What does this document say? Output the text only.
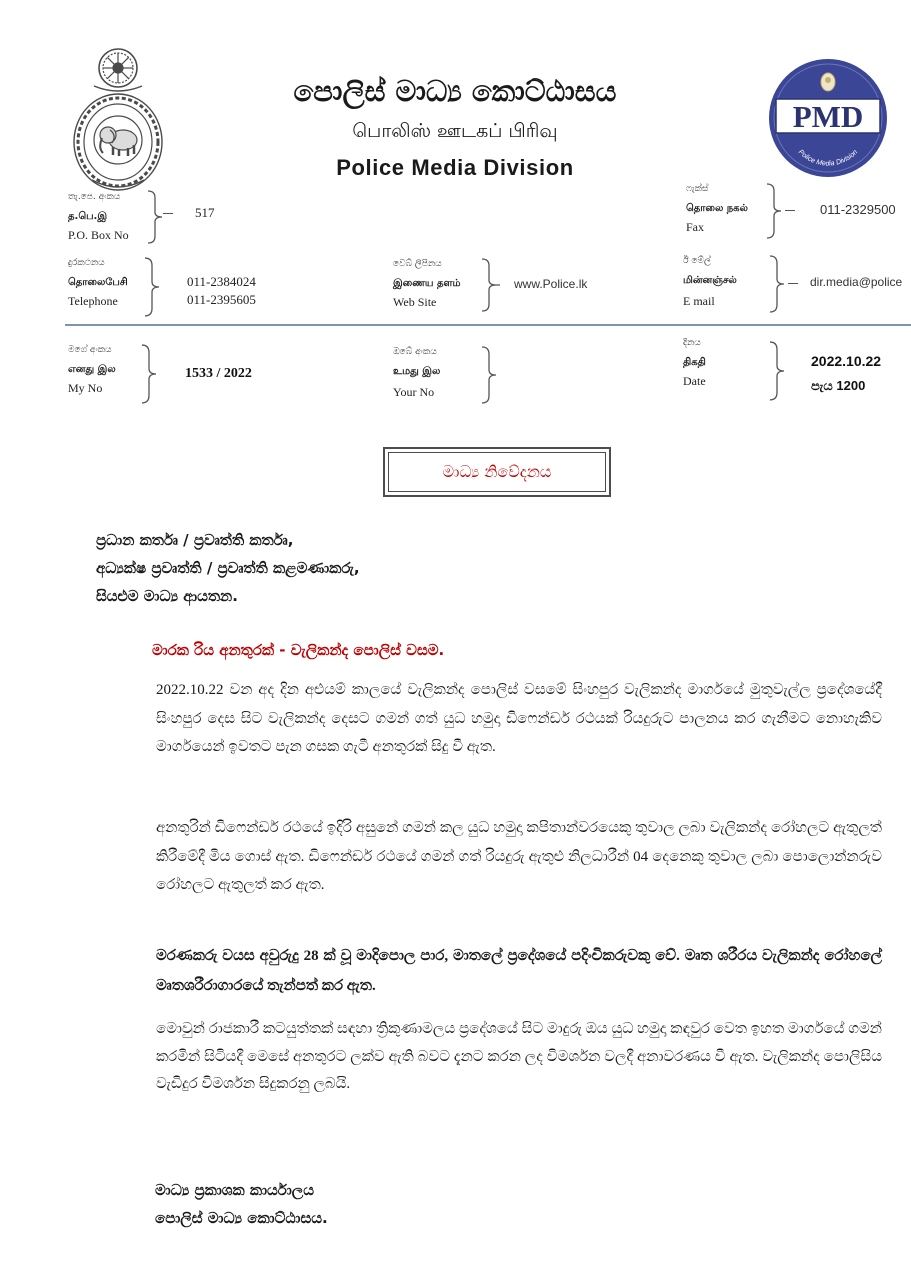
පොලිස් මාධ්‍ය කොට්ඨාසය
பொலிஸ் ஊடகப் பிரிவு
Police Media Division
PMD
Police Media Division
තැ.පෙ. අංකය
த.பெ.இ
P.O. Box No
517
ෆැක්ස්
தொலை நகல்
Fax
011-2329500
දුරකථනය
தொலைபேசி
Telephone
011-2384024
011-2395605
වෙබ් ලිපිනය
இணைய தளம்
Web Site
www.Police.lk
ඊ මේල්
மின்னஞ்சல்
E mail
dir.media@police
මගේ අංකය
எனது இல
My No
1533 / 2022
ඔබේ අංකය
உமது இல
Your No
දිනය
திகதி
Date
2022.10.22
පැය 1200
මාධ්‍ය නිවේදනය
ප්‍රධාන කර්තෘ / ප්‍රවෘත්ති කර්තෘ,
අධ්‍යක්ෂ ප්‍රවෘත්ති / ප්‍රවෘත්ති කළමණාකරු,
සියළුම මාධ්‍ය ආයතන.
මාරක රිය අනතුරක් - වැලිකන්ද පොලිස් වසම.
2022.10.22 වන අද දින අළුයම් කාලයේ වැලිකන්ද පොලිස් වසමේ සිංහපුර වැලිකන්ද මාර්ගයේ මුතුවැල්ල ප්‍රදේශයේදී සිංහපුර දෙස සිට වැලිකන්ද දෙසට ගමන් ගත් යුධ හමුදා ඩිෆෙන්ඩර් රථයක් රියදුරුට පාලනය කර ගැනීමට නොහැකිව මාර්ගයෙන් ඉවතට පැන ගසක ගැටී අනතුරක් සිදු වී ඇත.
අනතුරින් ඩිෆෙන්ඩර් රථයේ ඉදිරි අසුනේ ගමන් කල යුධ හමුදා කපිතාන්වරයෙකු තුවාල ලබා වැලිකන්ද රෝහලට ඇතුලත් කිරීමේදී මිය ගොස් ඇත. ඩිෆෙන්ඩර් රථයේ ගමන් ගත් රියදුරු ඇතුළු නිලධාරීන් 04 දෙනෙකු තුවාල ලබා පොලොන්නරුව රෝහලට ඇතුලත් කර ඇත.
මරණකරු වයස අවුරුදු 28 ක් වූ මාදිපොල පාර, මාතලේ ප්‍රදේශයේ පදිංචිකරුවකු වේ. මෘත ශරීරය වැලිකන්ද රෝහලේ මෘතශරීරාගාරයේ තැන්පත් කර ඇත.
මොවුන් රාජකාරී කටයුත්තක් සඳහා ත්‍රිකුණාමලය ප්‍රදේශයේ සිට මාදුරු ඔය යුධ හමුදා කඳවුර වෙත ඉහත මාර්ගයේ ගමන් කරමින් සිටියදී මෙසේ අනතුරට ලක්ව ඇති බවට දැනට කරන ලද විමර්ශන වලදී අනාවරණය වී ඇත. වැලිකන්ද පොලිසිය වැඩිදුර විමර්ශන සිදුකරනු ලබයි.
මාධ්‍ය ප්‍රකාශක කාර්යාලය
පොලිස් මාධ්‍ය කොට්ඨාසය.
